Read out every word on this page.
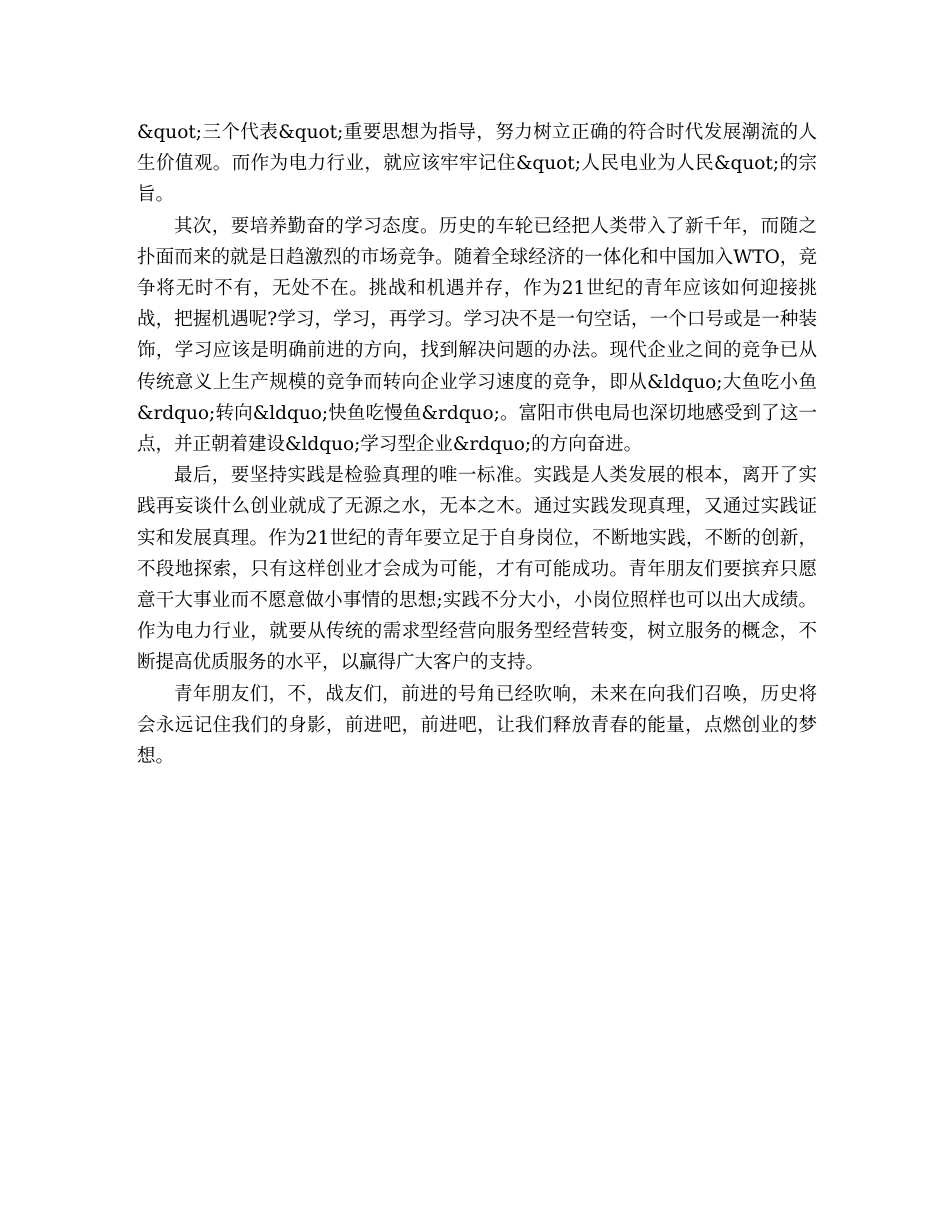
&quot;三个代表&quot;重要思想为指导，努力树立正确的符合时代发展潮流的人生价值观。而作为电力行业，就应该牢牢记住&quot;人民电业为人民&quot;的宗旨。

其次，要培养勤奋的学习态度。历史的车轮已经把人类带入了新千年，而随之扑面而来的就是日趋激烈的市场竞争。随着全球经济的一体化和中国加入WTO，竞争将无时不有，无处不在。挑战和机遇并存，作为21世纪的青年应该如何迎接挑战，把握机遇呢?学习，学习，再学习。学习决不是一句空话，一个口号或是一种装饰，学习应该是明确前进的方向，找到解决问题的办法。现代企业之间的竞争已从传统意义上生产规模的竞争而转向企业学习速度的竞争，即从&ldquo;大鱼吃小鱼&rdquo;转向&ldquo;快鱼吃慢鱼&rdquo;。富阳市供电局也深切地感受到了这一点，并正朝着建设&ldquo;学习型企业&rdquo;的方向奋进。

最后，要坚持实践是检验真理的唯一标准。实践是人类发展的根本，离开了实践再妄谈什么创业就成了无源之水，无本之木。通过实践发现真理，又通过实践证实和发展真理。作为21世纪的青年要立足于自身岗位，不断地实践，不断的创新，不段地探索，只有这样创业才会成为可能，才有可能成功。青年朋友们要摈弃只愿意干大事业而不愿意做小事情的思想;实践不分大小，小岗位照样也可以出大成绩。作为电力行业，就要从传统的需求型经营向服务型经营转变，树立服务的概念，不断提高优质服务的水平，以赢得广大客户的支持。

青年朋友们，不，战友们，前进的号角已经吹响，未来在向我们召唤，历史将会永远记住我们的身影，前进吧，前进吧，让我们释放青春的能量，点燃创业的梦想。
